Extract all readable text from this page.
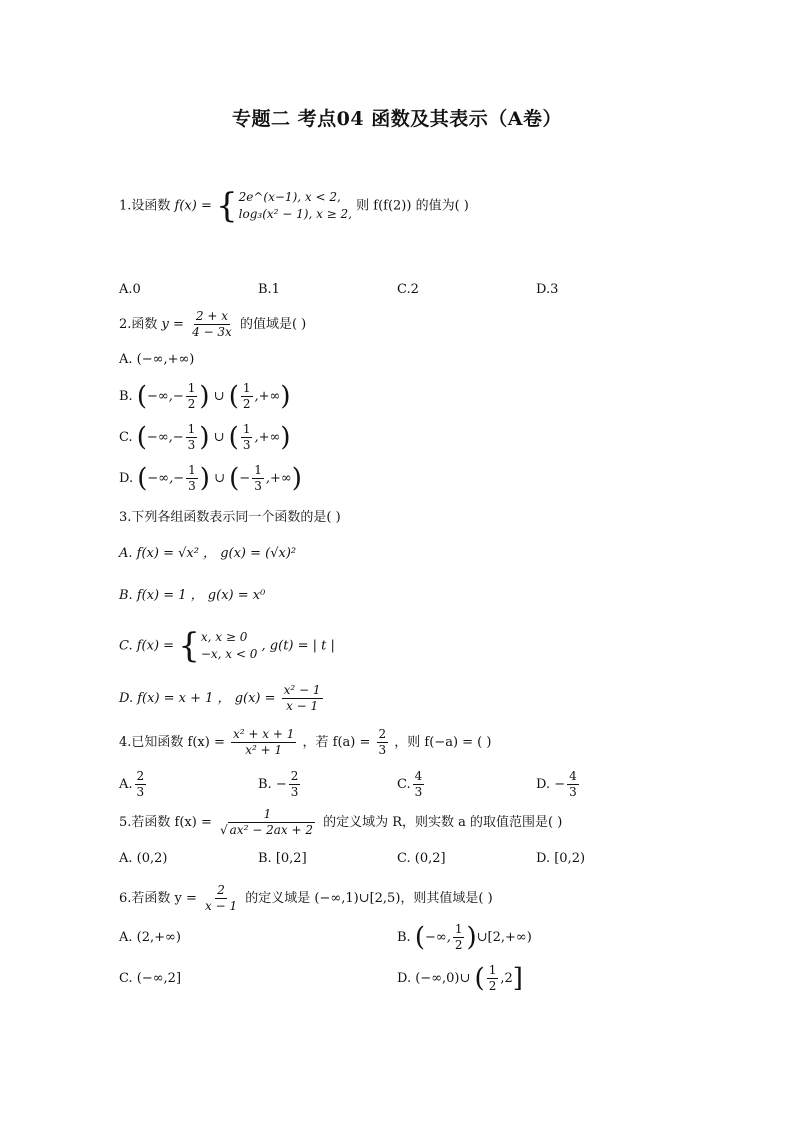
专题二 考点04 函数及其表示（A卷）
1.设函数 f(x) = { 2e^(x−1), x < 2,
log₃(x² − 1), x ≥ 2,
则 f(f(2)) 的值为( )
A.0	B.1	C.2	D.3
2.函数 $y = \frac{2 + x}{4 - 3x}$ 的值域是( )
A. (−∞,+∞)
B. (−∞,− $\frac{1}{2}$ ) ∪ ( $\frac{1}{2}$ ,+∞)
C. (−∞,− $\frac{1}{3}$ ) ∪ ( $\frac{1}{3}$ ,+∞)
D. (−∞,− $\frac{1}{3}$ ) ∪ (− $\frac{1}{3}$ ,+∞)
3.下列各组函数表示同一个函数的是( )
A. f(x) = √x² ， g(x) = (√x)²
B. f(x) = 1 ， g(x) = x⁰
C. f(x) = { x, x ≥ 0
−x, x < 0
, g(t) = | t |
D. f(x) = x + 1 ， $g(x) = \frac{\text{x² − 1}}{x - 1}$
4.已知函数 $f(x) = \frac{\text{x² + x + 1}}{\text{x² + 1}}$ ，若 $f(a) = \frac{2}{3}$ ，则 f(−a) = ( )
A. $\frac{2}{3}$	B. − $\frac{2}{3}$	C. $\frac{4}{3}$	D. − $\frac{4}{3}$
5.若函数 $f(x) = \frac{1}{\text{√ ax² − 2ax + 2}}$ 的定义域为 R，则实数 a 的取值范围是( )
A. (0,2)	B. [0,2]	C. (0,2]	D. [0,2)
6.若函数 $y = \frac{2}{x - 1}$ 的定义域是 (−∞,1)∪[2,5)，则其值域是( )
A. (2,+∞)	B. (−∞, $\frac{1}{2}$ )∪[2,+∞)
C. (−∞,2]	D. (−∞,0)∪ ( $\frac{1}{2} ,2$]
